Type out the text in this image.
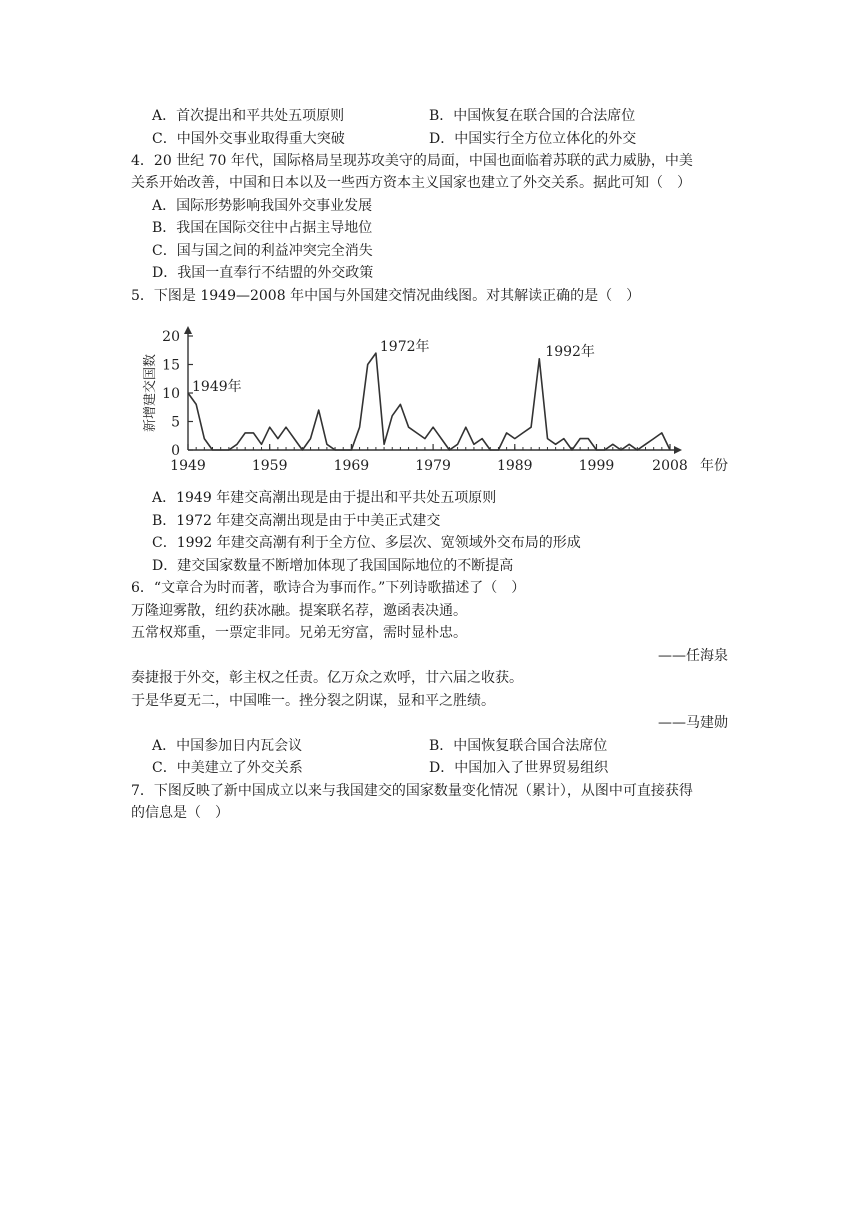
A．首次提出和平共处五项原则	B．中国恢复在联合国的合法席位
C．中国外交事业取得重大突破	D．中国实行全方位立体化的外交
4．20 世纪 70 年代，国际格局呈现苏攻美守的局面，中国也面临着苏联的武力威胁，中美
关系开始改善，中国和日本以及一些西方资本主义国家也建立了外交关系。据此可知（　）
A．国际形势影响我国外交事业发展
B．我国在国际交往中占据主导地位
C．国与国之间的利益冲突完全消失
D．我国一直奉行不结盟的外交政策
5．下图是 1949—2008 年中国与外国建交情况曲线图。对其解读正确的是（　）
0
5
10
15
20
1949	1959	1969	1979	1989	1999	2008
1949年
1972年	1992年
新增建交国数
年份
A．1949 年建交高潮出现是由于提出和平共处五项原则
B．1972 年建交高潮出现是由于中美正式建交
C．1992 年建交高潮有利于全方位、多层次、宽领域外交布局的形成
D．建交国家数量不断增加体现了我国国际地位的不断提高
6．“文章合为时而著，歌诗合为事而作。”下列诗歌描述了（　）
万隆迎雾散，纽约获冰融。提案联名荐，邀函表决通。
五常权郑重，一票定非同。兄弟无穷富，需时显朴忠。
——任海泉
奏捷报于外交，彰主权之任责。亿万众之欢呼，廿六届之收获。
于是华夏无二，中国唯一。挫分裂之阴谋，显和平之胜绩。
——马建勋
A．中国参加日内瓦会议	B．中国恢复联合国合法席位
C．中美建立了外交关系	D．中国加入了世界贸易组织
7．下图反映了新中国成立以来与我国建交的国家数量变化情况（累计），从图中可直接获得
的信息是（　）
